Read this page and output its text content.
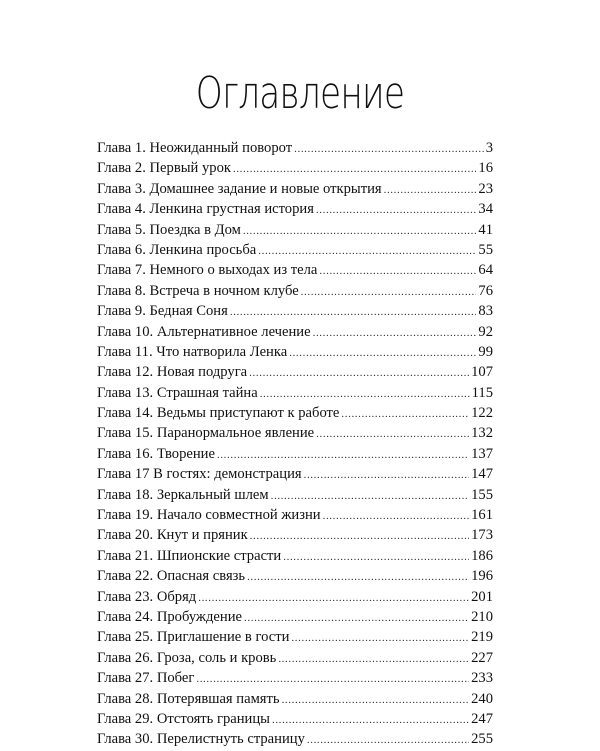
Оглавление
Глава 1. Неожиданный поворот .....	3
Глава 2. Первый урок .....	16
Глава 3. Домашнее задание и новые открытия .....	23
Глава 4. Ленкина грустная история .....	34
Глава 5. Поездка в Дом .....	41
Глава 6. Ленкина просьба .....	55
Глава 7. Немного о выходах из тела .....	64
Глава 8. Встреча в ночном клубе .....	76
Глава 9. Бедная Соня .....	83
Глава 10. Альтернативное лечение .....	92
Глава 11. Что натворила Ленка .....	99
Глава 12. Новая подруга .....	107
Глава 13. Страшная тайна .....	115
Глава 14. Ведьмы приступают к работе .....	122
Глава 15. Паранормальное явление .....	132
Глава 16. Творение .....	137
Глава 17 В гостях: демонстрация .....	147
Глава 18. Зеркальный шлем .....	155
Глава 19. Начало совместной жизни .....	161
Глава 20. Кнут и пряник .....	173
Глава 21. Шпионские страсти .....	186
Глава 22. Опасная связь .....	196
Глава 23. Обряд .....	201
Глава 24. Пробуждение .....	210
Глава 25. Приглашение в гости .....	219
Глава 26. Гроза, соль и кровь .....	227
Глава 27. Побег .....	233
Глава 28. Потерявшая память .....	240
Глава 29. Отстоять границы .....	247
Глава 30. Перелистнуть страницу .....	255
